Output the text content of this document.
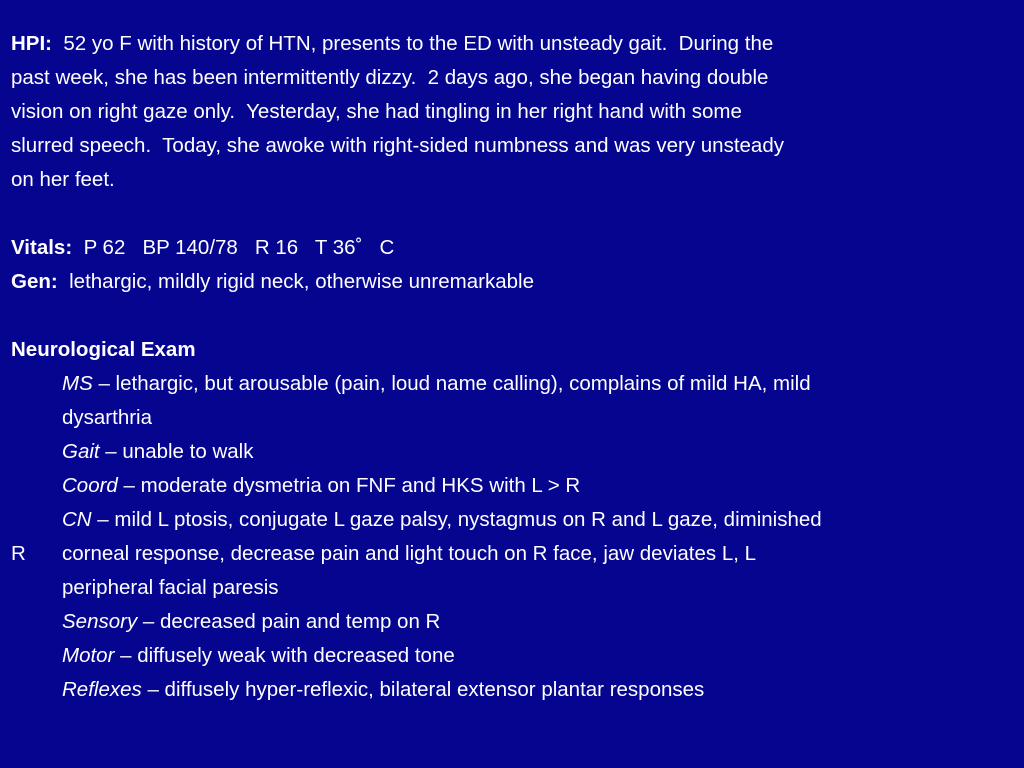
HPI: 52 yo F with history of HTN, presents to the ED with unsteady gait.  During the
past week, she has been intermittently dizzy.  2 days ago, she began having double
vision on right gaze only.  Yesterday, she had tingling in her right hand with some
slurred speech.  Today, she awoke with right-sided numbness and was very unsteady
on her feet.
Vitals: P 62   BP 140/78   R 16   T 36˚   C
Gen: lethargic, mildly rigid neck, otherwise unremarkable
Neurological Exam
MS – lethargic, but arousable (pain, loud name calling), complains of mild HA, mild
dysarthria
Gait – unable to walk
Coord – moderate dysmetria on FNF and HKS with L > R
CN – mild L ptosis, conjugate L gaze palsy, nystagmus on R and L gaze, diminished
R corneal response, decrease pain and light touch on R face, jaw deviates L, L
peripheral facial paresis
Sensory – decreased pain and temp on R
Motor – diffusely weak with decreased tone
Reflexes – diffusely hyper-reflexic, bilateral extensor plantar responses
